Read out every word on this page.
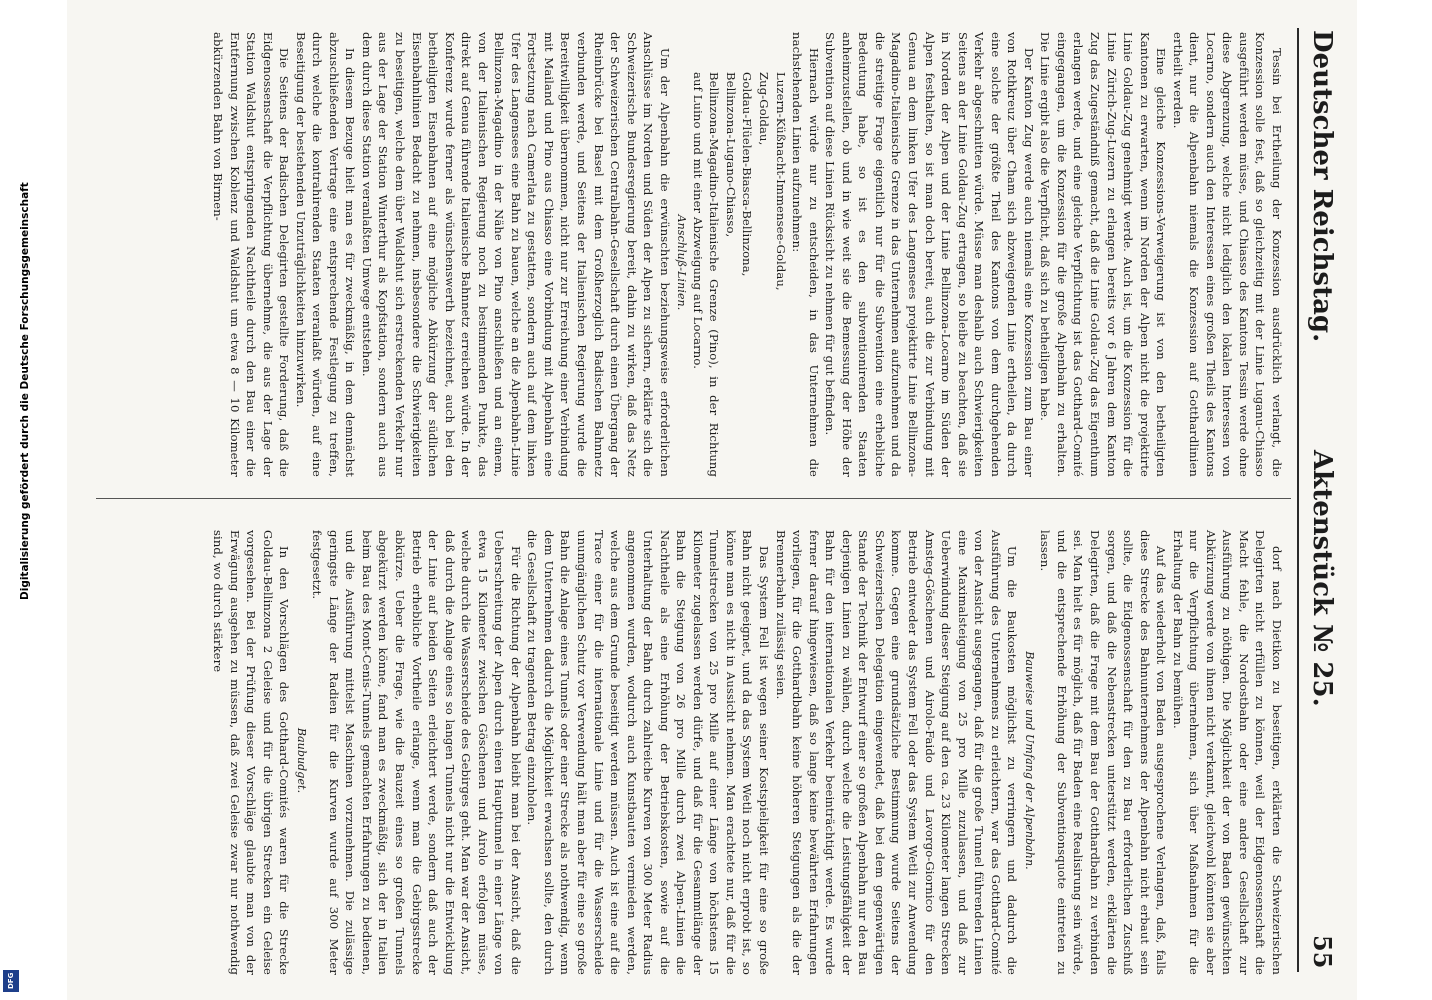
Deutscher Reichstag.
Aktenstück № 25.
55

Tessin bei Ertheilung der Konzession ausdrücklich verlangt, die Konzession solle fest, daß so gleichzeitig mit der Linie Luganu-Chiasso ausgeführt werden müsse, und Chiasso des Kantons Tessin werde ohne diese Abgrenzung, welche nicht lediglich den lokalen Interessen von Locarno, sondern auch den Interessen eines großen Theils des Kantons dient, nur die Alpenbahn niemals die Konzession auf Gotthardlinien ertheilt werden.

Eine gleiche Konzessions-Verweigerung ist von den betheiligten Kantonen zu erwarten, wenn im Norden der Alpen nicht die projektirte Linie Goldau-Zug genehmigt werde. Auch ist, um die Konzession für die Linie Zürich-Zug-Luzern zu erlangen bereits vor 6 Jahren dem Kanton Zug das Zugeständniß gemacht, daß die Linie Goldau-Zug das Eigenthum erlangen werde, und eine gleiche Verpflichtung ist das Gotthard-Comité eingegangen, um die Konzession für die große Alpenbahn zu erhalten. Die Linie ergibt also die Verpflicht, daß sich zu betheiligen habe.

Der Kanton Zug werde auch niemals eine Konzession zum Bau einer von Rothkreuz über Cham sich abzweigenden Linie ertheilen, da durch eine solche der größte Theil des Kantons von dem durchgehenden Verkehr abgeschnitten würde. Müsse man deshalb auch Schwierigkeiten Seitens an der Linie Goldau-Zug ertragen, so bleibe zu beachten, daß sie in Norden der Alpen und der Linie Bellinzona-Locarno im Süden der Alpen festhalten, so ist man doch bereit, auch die zur Verbindung mit Genua an dem linken Ufer des Langensees projektirte Linie Bellinzona-Magadino-Italienische Grenze in das Unternehmen aufzunehmen und da die streitige Frage eigentlich nur für die Subvention eine erhebliche Bedeutung habe, so ist es den subventionirenden Staaten anheimzustellen, ob und in wie weit sie die Bemessung der Höhe der Subvention auf diese Linien Rücksicht zu nehmen für gut befinden.

Hiernach würde nur zu entscheiden, in das Unternehmen die nachstehenden Linien aufzunehmen:

Luzern-Küßnacht-Immensee-Goldau,

Zug-Goldau,

Goldau-Flüelen-Biasca-Bellinzona,

Bellinzona-Lugano-Chiasso,

Bellinzona-Magadino-Italienische Grenze (Pino), in der Richtung auf Luino und mit einer Abzweigung auf Locarno.

Anschluß-Linien.

Um der Alpenbahn die erwünschten beziehungsweise erforderlichen Anschlüsse im Norden und Süden der Alpen zu sichern, erklärte sich die Schweizerische Bundesregierung bereit, dahin zu wirken, daß das Netz der Schweizerischen Centralbahn-Gesellschaft durch einen Übergang der Rheinbrücke bei Basel mit dem Großherzoglich Badischen Bahnnetz verbunden werde, und Seitens der Italienischen Regierung wurde die Bereitwilligkeit übernommen, nicht nur zur Erreichung einer Verbindung mit Mailand und Pino aus Chiasso eine Vorbindung mit Alpenbahn eine Fortsetzung nach Camerlata zu gestatten, sondern auch auf dem linken Ufer des Langensees eine Bahn zu bauen, welche an die Alpenbahn-Linie Bellinzona-Magadino in der Nähe von Pino anschließen und an einem, von der Italienischen Regierung noch zu bestimmenden Punkte, das direkt auf Genua führende Italienische Bahnnetz erreichen würde. In der Konferenz wurde ferner als wünschenswerth bezeichnet, auch bei den betheiligten Eisenbahnen auf eine mögliche Abkürzung der südlichen Eisenbahnlinien Bedacht zu nehmen, insbesondere die Schwierigkeiten zu beseitigen, welche dem über Waldshut sich erstreckenden Verkehr nur aus der Lage der Station Winterthur als Kopfstation, sondern auch aus dem durch diese Station veranlaßten Umwege entstehen.

In diesem Bezuge hielt man es für zweckmäßig, in dem demnächst abzuschließenden Vertrage eine entsprechende Festlegung zu treffen, durch welche die kontrahirenden Staaten veranlaßt würden, auf eine Beseitigung der bestehenden Unzuträglichkeiten hinzuwirken.

Die Seitens der Badischen Delegirten gestellte Forderung, daß die Eidgenossenschaft die Verpflichtung übernehme, die aus der Lage der Station Waldshut entspringenden Nachtheile durch den Bau einer die Entfernung zwischen Koblenz und Waldshut um etwa 8 — 10 Kilometer abkürzenden Bahn von Birmen-

dorf nach Dietikon zu beseitigen, erklärten die Schweizerischen Delegirten nicht erfüllen zu können, weil der Eidgenossenschaft die Macht fehle, die Nordostbahn oder eine andere Gesellschaft zur Ausführung zu nöthigen. Die Möglichkeit der von Baden gewünschten Abkürzung werde von ihnen nicht verkannt, gleichwohl könnten sie aber nur die Verpflichtung übernehmen, sich über Maßnahmen für die Erhaltung der Bahn zu bemühen.

Auf das wiederholt von Baden ausgesprochene Verlangen, daß, falls diese Strecke des Bahnunternehmens der Alpenbahn nicht erbaut sein sollte, die Eidgenossenschaft für den zu Bau erforderlichen Zuschuß sorgen, und daß die Nebenstrecken unterstützt werden, erklärten die Delegirten, daß die Frage mit dem Bau der Gotthardbahn zu verbinden sei. Man hielt es für möglich, daß für Baden eine Realisirung sein würde, und die entsprechende Erhöhung der Subventionsquote eintreten zu lassen.

Bauweise und Umfang der Alpenbahn.

Um die Baukosten möglichst zu verringern und dadurch die Ausführung des Unternehmens zu erleichtern, war das Gotthard-Comité von der Ansicht ausgegangen, daß für die große Tunnel führenden Linien eine Maximalsteigung von 25 pro Mille zuzulassen, und daß zur Ueberwindung dieser Steigung auf den ca. 23 Kilometer langen Strecken Amsteg-Göschenen und Airolo-Faido und Lavorgo-Giornico für den Betrieb entweder das System Fell oder das System Wetli zur Anwendung komme. Gegen eine grundsätzliche Bestimmung wurde Seitens der Schweizerischen Delegation eingewendet, daß bei dem gegenwärtigen Stande der Technik der Entwurf einer so großen Alpenbahn nur den Bau derjenigen Linien zu wählen, durch welche die Leistungsfähigkeit der Bahn für den internationalen Verkehr beeinträchtigt werde. Es wurde ferner darauf hingewiesen, daß so lange keine bewährten Erfahrungen vorliegen, für die Gotthardbahn keine höheren Steigungen als die der Brennerbahn zulässig seien.

Das System Fell ist wegen seiner Kostspieligkeit für eine so große Bahn nicht geeignet, und da das System Wetli noch nicht erprobt ist, so könne man es nicht in Aussicht nehmen. Man erachtete nur, daß für die Tunnelstrecken von 25 pro Mille auf einer Länge von höchstens 15 Kilometer zugelassen werden dürfe, und daß für die Gesammtlänge der Bahn die Steigung von 26 pro Mille durch zwei Alpen-Linien die Nachtheile als eine Erhöhung der Betriebskosten, sowie auf die Unterhaltung der Bahn durch zahlreiche Kurven von 300 Meter Radius angenommen wurden, wodurch auch Kunstbauten vermieden werden, welche aus dem Grunde beseitigt werden müssen. Auch ist eine auf die Trace einer für die internationale Linie und für die Wasserscheide unumgänglichen Schutz vor Verwendung hält man aber für eine so große Bahn die Anlage eines Tunnels oder einer Strecke als nothwendig, wenn dem Unternehmen dadurch die Möglichkeit erwachsen sollte, den durch die Gesellschaft zu tragenden Betrag einzuholen.

Für die Richtung der Alpenbahn bleibt man bei der Ansicht, daß die Ueberschreitung der Alpen durch einen Haupttunnel in einer Länge von etwa 15 Kilometer zwischen Göschenen und Airolo erfolgen müsse, welche durch die Wasserscheide des Gebirges geht. Man war der Ansicht, daß durch die Anlage eines so langen Tunnels nicht nur die Entwicklung der Linie auf beiden Seiten erleichtert werde, sondern daß auch der Betrieb erhebliche Vortheile erlange, wenn man die Gebirgsstrecke abkürze. Ueber die Frage, wie die Bauzeit eines so großen Tunnels abgekürzt werden könne, fand man es zweckmäßig, sich der in Italien beim Bau des Mont-Cenis-Tunnels gemachten Erfahrungen zu bedienen, und die Ausführung mittelst Maschinen vorzunehmen. Die zulässige geringste Länge der Radien für die Kurven wurde auf 300 Meter festgesetzt.

Baubudget.

In den Vorschlägen des Gotthard-Comités waren für die Strecke Goldau-Bellinzona 2 Geleise und für die übrigen Strecken ein Geleise vorgesehen. Bei der Prüfung dieser Vorschläge glaubte man von der Erwägung ausgehen zu müssen, daß zwei Geleise zwar nur nothwendig sind, wo durch stärkere

Digitalisierung gefördert durch die Deutsche Forschungsgemeinschaft
DFG
